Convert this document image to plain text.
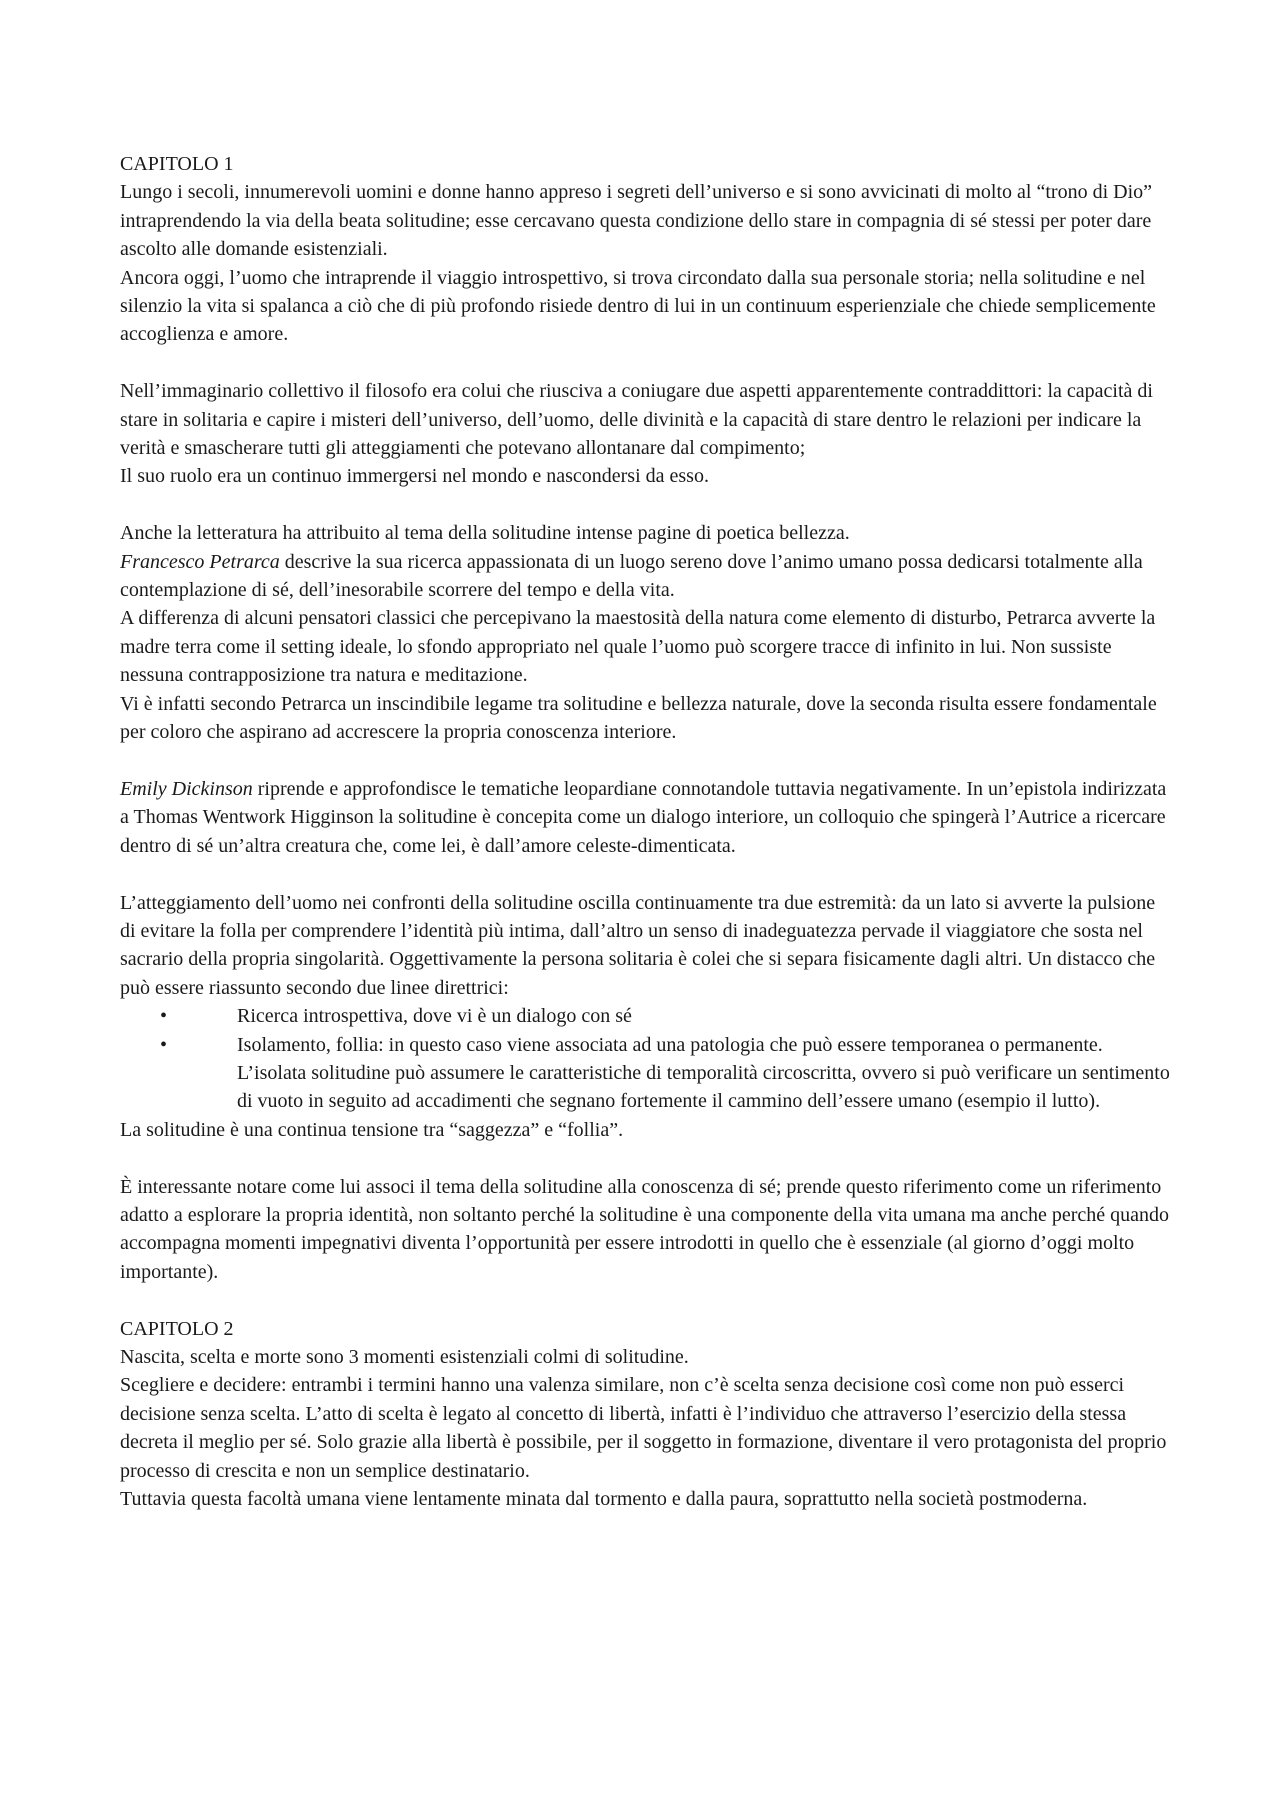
CAPITOLO 1

Lungo i secoli, innumerevoli uomini e donne hanno appreso i segreti dell’universo e si sono avvicinati di molto al “trono di Dio” intraprendendo la via della beata solitudine; esse cercavano questa condizione dello stare in compagnia di sé stessi per poter dare ascolto alle domande esistenziali.

Ancora oggi, l’uomo che intraprende il viaggio introspettivo, si trova circondato dalla sua personale storia; nella solitudine e nel silenzio la vita si spalanca a ciò che di più profondo risiede dentro di lui in un continuum esperienziale che chiede semplicemente accoglienza e amore.

Nell’immaginario collettivo il filosofo era colui che riusciva a coniugare due aspetti apparentemente contraddittori: la capacità di stare in solitaria e capire i misteri dell’universo, dell’uomo, delle divinità e la capacità di stare dentro le relazioni per indicare la verità e smascherare tutti gli atteggiamenti che potevano allontanare dal compimento;

Il suo ruolo era un continuo immergersi nel mondo e nascondersi da esso.

Anche la letteratura ha attribuito al tema della solitudine intense pagine di poetica bellezza.

Francesco Petrarca descrive la sua ricerca appassionata di un luogo sereno dove l’animo umano possa dedicarsi totalmente alla contemplazione di sé, dell’inesorabile scorrere del tempo e della vita.

A differenza di alcuni pensatori classici che percepivano la maestosità della natura come elemento di disturbo, Petrarca avverte la madre terra come il setting ideale, lo sfondo appropriato nel quale l’uomo può scorgere tracce di infinito in lui. Non sussiste nessuna contrapposizione tra natura e meditazione.

Vi è infatti secondo Petrarca un inscindibile legame tra solitudine e bellezza naturale, dove la seconda risulta essere fondamentale per coloro che aspirano ad accrescere la propria conoscenza interiore.

Emily Dickinson riprende e approfondisce le tematiche leopardiane connotandole tuttavia negativamente. In un’epistola indirizzata a Thomas Wentwork Higginson la solitudine è concepita come un dialogo interiore, un colloquio che spingerà l’Autrice a ricercare dentro di sé un’altra creatura che, come lei, è dall’amore celeste-dimenticata.

L’atteggiamento dell’uomo nei confronti della solitudine oscilla continuamente tra due estremità: da un lato si avverte la pulsione di evitare la folla per comprendere l’identità più intima, dall’altro un senso di inadeguatezza pervade il viaggiatore che sosta nel sacrario della propria singolarità. Oggettivamente la persona solitaria è colei che si separa fisicamente dagli altri. Un distacco che può essere riassunto secondo due linee direttrici:

•	Ricerca introspettiva, dove vi è un dialogo con sé
•	Isolamento, follia: in questo caso viene associata ad una patologia che può essere temporanea o permanente. L’isolata solitudine può assumere le caratteristiche di temporalità circoscritta, ovvero si può verificare un sentimento di vuoto in seguito ad accadimenti che segnano fortemente il cammino dell’essere umano (esempio il lutto).

La solitudine è una continua tensione tra “saggezza” e “follia”.

È interessante notare come lui associ il tema della solitudine alla conoscenza di sé; prende questo riferimento come un riferimento adatto a esplorare la propria identità, non soltanto perché la solitudine è una componente della vita umana ma anche perché quando accompagna momenti impegnativi diventa l’opportunità per essere introdotti in quello che è essenziale (al giorno d’oggi molto importante).

CAPITOLO 2

Nascita, scelta e morte sono 3 momenti esistenziali colmi di solitudine.

Scegliere e decidere: entrambi i termini hanno una valenza similare, non c’è scelta senza decisione così come non può esserci decisione senza scelta. L’atto di scelta è legato al concetto di libertà, infatti è l’individuo che attraverso l’esercizio della stessa decreta il meglio per sé. Solo grazie alla libertà è possibile, per il soggetto in formazione, diventare il vero protagonista del proprio processo di crescita e non un semplice destinatario.

Tuttavia questa facoltà umana viene lentamente minata dal tormento e dalla paura, soprattutto nella società postmoderna.
